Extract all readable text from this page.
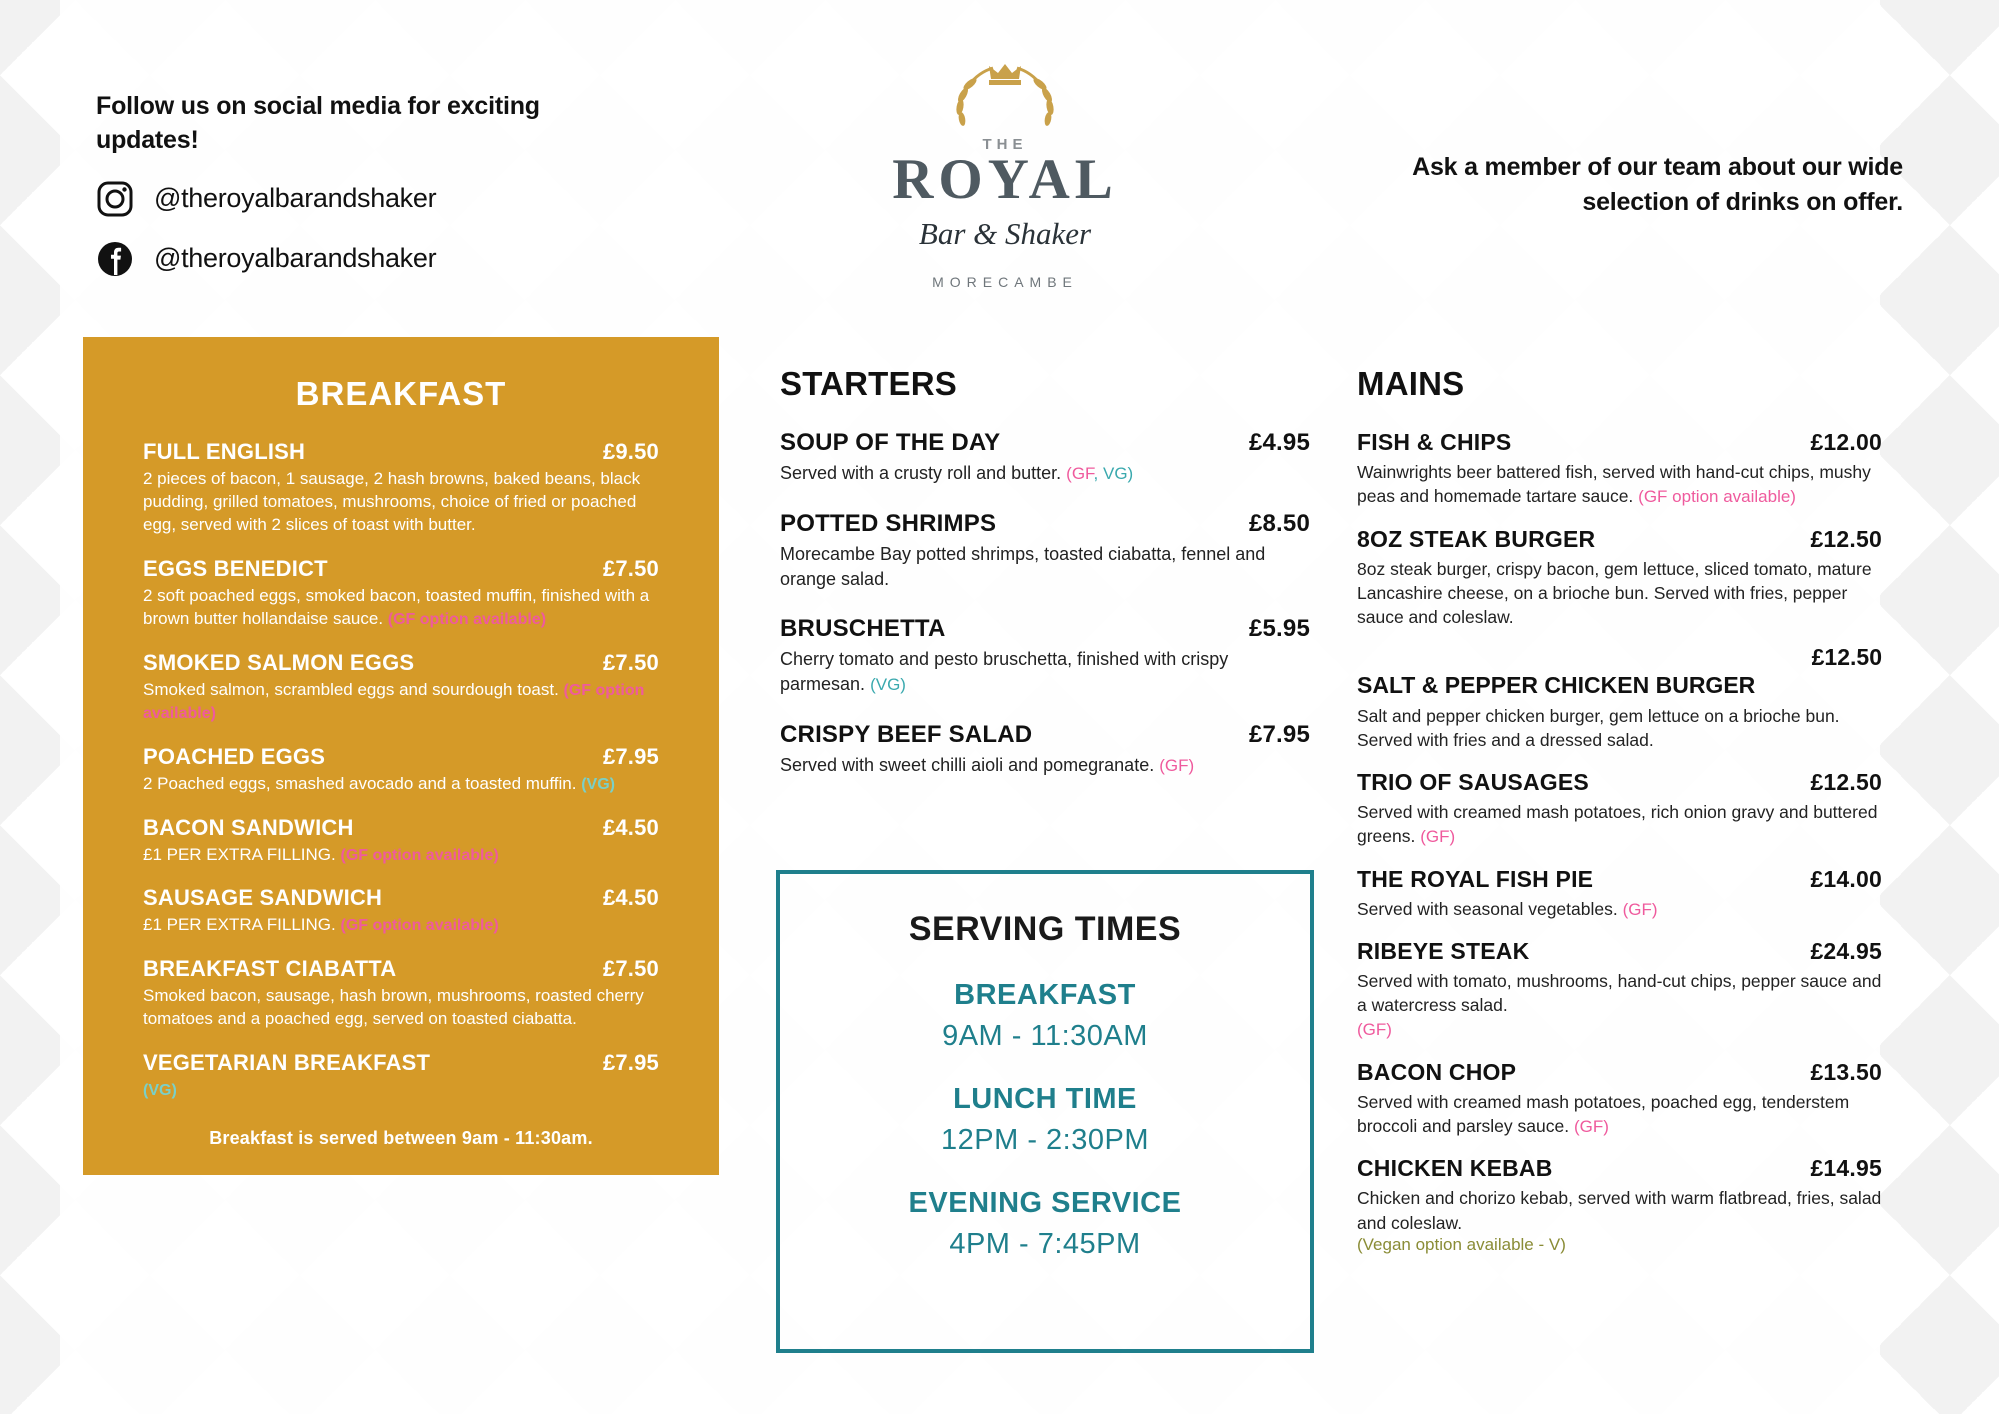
Follow us on social media for exciting updates!
@theroyalbarandshaker
@theroyalbarandshaker
THE
ROYAL
Bar & Shaker
MORECAMBE
Ask a member of our team about our wide selection of drinks on offer.
BREAKFAST
FULL ENGLISH	£9.50
2 pieces of bacon, 1 sausage, 2 hash browns, baked beans, black pudding, grilled tomatoes, mushrooms, choice of fried or poached egg, served with 2 slices of toast with butter.
EGGS BENEDICT	£7.50
2 soft poached eggs, smoked bacon, toasted muffin, finished with a brown butter hollandaise sauce. (GF option available)
SMOKED SALMON EGGS	£7.50
Smoked salmon, scrambled eggs and sourdough toast. (GF option available)
POACHED EGGS	£7.95
2 Poached eggs, smashed avocado and a toasted muffin. (VG)
BACON SANDWICH	£4.50
£1 PER EXTRA FILLING. (GF option available)
SAUSAGE SANDWICH	£4.50
£1 PER EXTRA FILLING. (GF option available)
BREAKFAST CIABATTA	£7.50
Smoked bacon, sausage, hash brown, mushrooms, roasted cherry tomatoes and a poached egg, served on toasted ciabatta.
VEGETARIAN BREAKFAST	£7.95
(VG)
Breakfast is served between 9am - 11:30am.
STARTERS
SOUP OF THE DAY	£4.95
Served with a crusty roll and butter. (GF, VG)
POTTED SHRIMPS	£8.50
Morecambe Bay potted shrimps, toasted ciabatta, fennel and orange salad.
BRUSCHETTA	£5.95
Cherry tomato and pesto bruschetta, finished with crispy parmesan. (VG)
CRISPY BEEF SALAD	£7.95
Served with sweet chilli aioli and pomegranate. (GF)
SERVING TIMES
BREAKFAST
9AM - 11:30AM
LUNCH TIME
12PM - 2:30PM
EVENING SERVICE
4PM - 7:45PM
MAINS
FISH & CHIPS	£12.00
Wainwrights beer battered fish, served with hand-cut chips, mushy peas and homemade tartare sauce. (GF option available)
8OZ STEAK BURGER	£12.50
8oz steak burger, crispy bacon, gem lettuce, sliced tomato, mature Lancashire cheese, on a brioche bun. Served with fries, pepper sauce and coleslaw.
£12.50
SALT & PEPPER CHICKEN BURGER
Salt and pepper chicken burger, gem lettuce on a brioche bun. Served with fries and a dressed salad.
TRIO OF SAUSAGES	£12.50
Served with creamed mash potatoes, rich onion gravy and buttered greens. (GF)
THE ROYAL FISH PIE	£14.00
Served with seasonal vegetables. (GF)
RIBEYE STEAK	£24.95
Served with tomato, mushrooms, hand-cut chips, pepper sauce and a watercress salad.
(GF)
BACON CHOP	£13.50
Served with creamed mash potatoes, poached egg, tenderstem broccoli and parsley sauce. (GF)
CHICKEN KEBAB	£14.95
Chicken and chorizo kebab, served with warm flatbread, fries, salad and coleslaw.
(Vegan option available - V)
